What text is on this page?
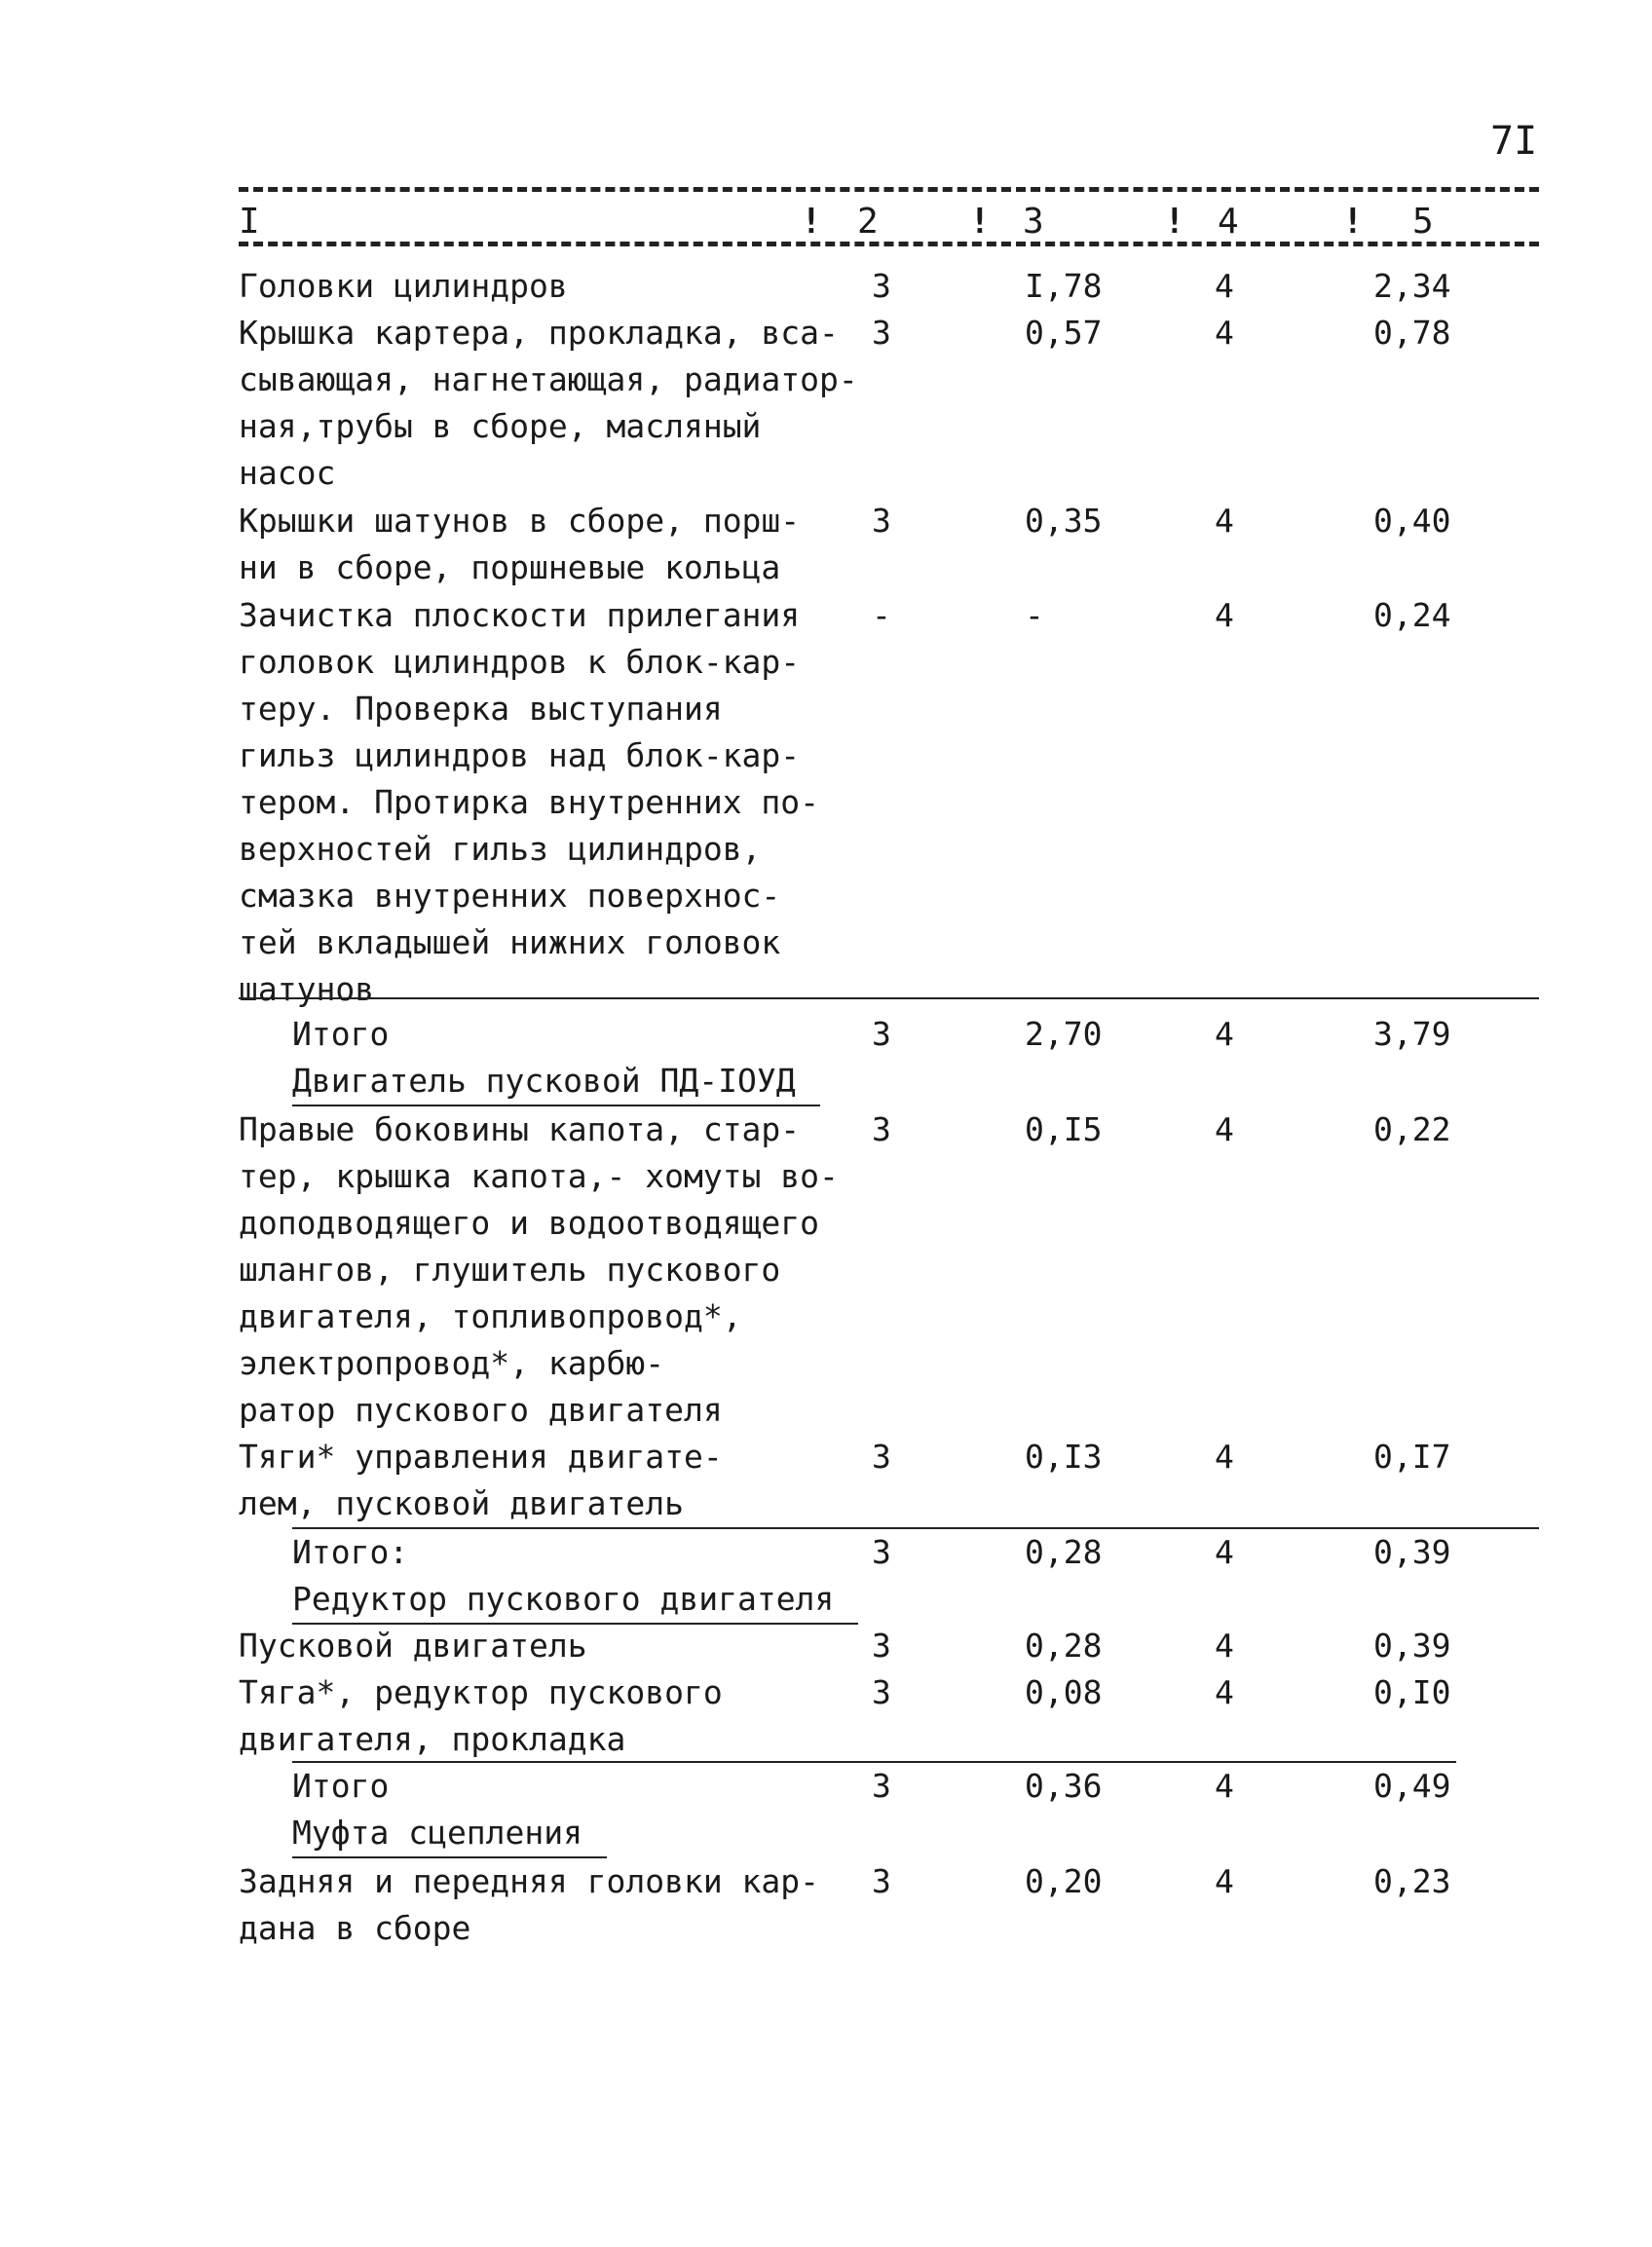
7I
I	! 2	! 3	! 4	! 5
Головки цилиндров	3	I,78	4	2,34
Крышка картера, прокладка, вса-
сывающая, нагнетающая, радиатор-
ная,трубы в сборе, масляный
насос
3	0,57	4	0,78
Крышки шатунов в сборе, порш-
ни в сборе, поршневые кольца
3	0,35	4	0,40
Зачистка плоскости прилегания
головок цилиндров к блок-кар-
теру. Проверка выступания
гильз цилиндров над блок-кар-
тером. Протирка внутренних по-
верхностей гильз цилиндров,
смазка внутренних поверхнос-
тей вкладышей нижних головок
шатунов
-	-	4	0,24
Итого	3	2,70	4	3,79
Двигатель пусковой ПД-IОУД
Правые боковины капота, стар-
тер, крышка капота,- хомуты во-
доподводящего и водоотводящего
шлангов, глушитель пускового
двигателя, топливопровод*,
электропровод*, карбю-
ратор пускового двигателя
3	0,I5	4	0,22
Тяги* управления двигате-
лем, пусковой двигатель
3	0,I3	4	0,I7
Итого:	3	0,28	4	0,39
Редуктор пускового двигателя
Пусковой двигатель	3	0,28	4	0,39
Тяга*, редуктор пускового
двигателя, прокладка
3	0,08	4	0,I0
Итого	3	0,36	4	0,49
Муфта сцепления
Задняя и передняя головки кар-
дана в сборе
3	0,20	4	0,23
